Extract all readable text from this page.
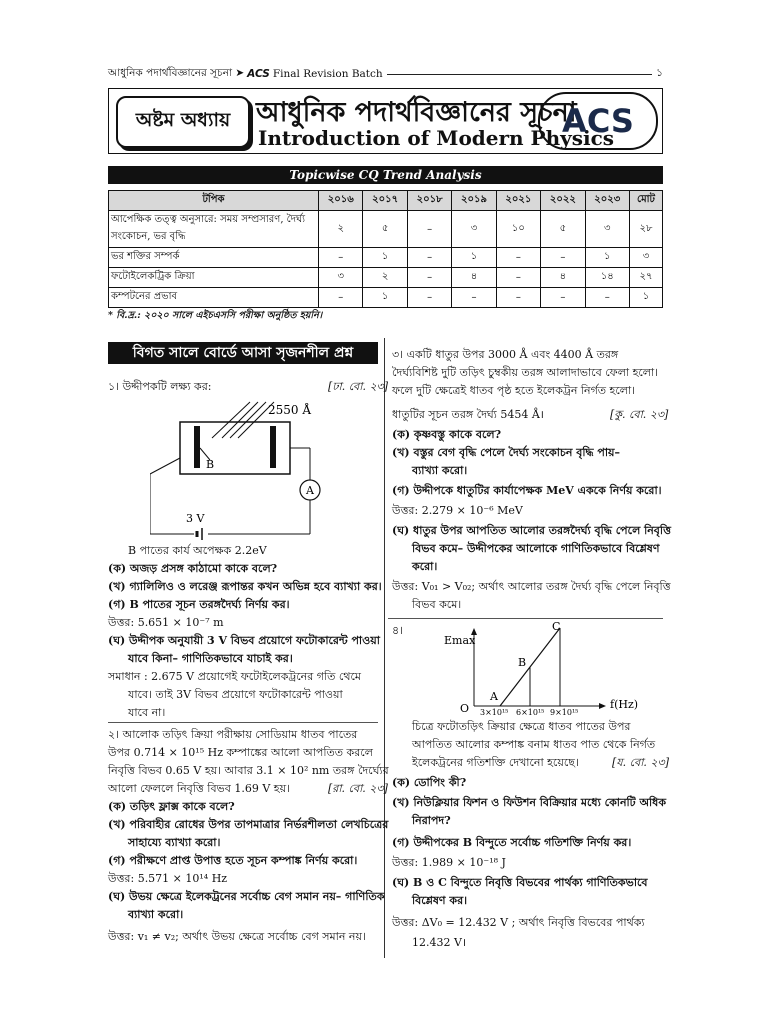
আধুনিক পদার্থবিজ্ঞানের সূচনা ➤ ACS Final Revision Batch	১
অষ্টম অধ্যায় আধুনিক পদার্থবিজ্ঞানের সূচনা
Introduction of Modern Physics
ACS
Topicwise CQ Trend Analysis
টপিক	২০১৬	২০১৭	২০১৮	২০১৯	২০২১	২০২২	২০২৩	মোট
আপেক্ষিক তত্ত্ব অনুসারে: সময় সম্প্রসারণ, দৈর্ঘ্য সংকোচন, ভর বৃদ্ধি	২	৫	–	৩	১০	৫	৩	২৮
ভর শক্তির সম্পর্ক	–	১	–	১	–	–	১	৩
ফটোইলেকট্রিক ক্রিয়া	৩	২	–	৪	–	৪	১৪	২৭
কম্পটনের প্রভাব	–	১	–	–	–	–	–	১
* বি.দ্র.: ২০২০ সালে এইচএসসি পরীক্ষা অনুষ্ঠিত হয়নি।
বিগত সালে বোর্ডে আসা সৃজনশীল প্রশ্ন
১। উদ্দীপকটি লক্ষ্য কর:	[ঢা. বো. ২৩]
2550 Å
B
A
3 V
B পাতের কার্য অপেক্ষক 2.2eV
(ক) অজড় প্রসঙ্গ কাঠামো কাকে বলে?
(খ) গ্যালিলিও ও লরেঞ্জ রূপান্তর কখন অভিন্ন হবে ব্যাখ্যা কর।
(গ) B পাতের সূচন তরঙ্গদৈর্ঘ্য নির্ণয় কর।
উত্তর: 5.651 × 10⁻⁷ m
(ঘ) উদ্দীপক অনুযায়ী 3 V বিভব প্রয়োগে ফটোকারেন্ট পাওয়া
যাবে কিনা– গাণিতিকভাবে যাচাই কর।
সমাধান : 2.675 V প্রয়োগেই ফটোইলেকট্রনের গতি থেমে
যাবে। তাই 3V বিভব প্রয়োগে ফটোকারেন্ট পাওয়া
যাবে না।
২। আলোক তড়িৎ ক্রিয়া পরীক্ষায় সোডিয়াম ধাতব পাতের
উপর 0.714 × 10¹⁵ Hz কম্পাঙ্কের আলো আপতিত করলে
নিবৃত্তি বিভব 0.65 V হয়। আবার 3.1 × 10² nm তরঙ্গ দৈর্ঘ্যের
আলো ফেললে নিবৃত্তি বিভব 1.69 V হয়।	[রা. বো. ২৩]
(ক) তড়িৎ ফ্লাক্স কাকে বলে?
(খ) পরিবাহীর রোধের উপর তাপমাত্রার নির্ভরশীলতা লেখচিত্রের
সাহায্যে ব্যাখ্যা করো।
(গ) পরীক্ষণে প্রাপ্ত উপাত্ত হতে সূচন কম্পাঙ্ক নির্ণয় করো।
উত্তর: 5.571 × 10¹⁴ Hz
(ঘ) উভয় ক্ষেত্রে ইলেকট্রনের সর্বোচ্চ বেগ সমান নয়– গাণিতিক
ব্যাখ্যা করো।
উত্তর: v₁ ≠ v₂; অর্থাৎ উভয় ক্ষেত্রে সর্বোচ্চ বেগ সমান নয়।
৩। একটি ধাতুর উপর 3000 Å এবং 4400 Å তরঙ্গ
দৈর্ঘ্যবিশিষ্ট দুটি তড়িৎ চুম্বকীয় তরঙ্গ আলাদাভাবে ফেলা হলো।
ফলে দুটি ক্ষেত্রেই ধাতব পৃষ্ঠ হতে ইলেকট্রন নির্গত হলো।
ধাতুটির সূচন তরঙ্গ দৈর্ঘ্য 5454 Å।	[কু. বো. ২৩]
(ক) কৃষ্ণবস্তু কাকে বলে?
(খ) বস্তুর বেগ বৃদ্ধি পেলে দৈর্ঘ্য সংকোচন বৃদ্ধি পায়–
ব্যাখ্যা করো।
(গ) উদ্দীপকে ধাতুটির কার্যাপেক্ষক MeV এককে নির্ণয় করো।
উত্তর: 2.279 × 10⁻⁶ MeV
(ঘ) ধাতুর উপর আপতিত আলোর তরঙ্গদৈর্ঘ্য বৃদ্ধি পেলে নিবৃত্তি
বিভব কমে– উদ্দীপকের আলোকে গাণিতিকভাবে বিশ্লেষণ
করো।
উত্তর: V₀₁ > V₀₂; অর্থাৎ আলোর তরঙ্গ দৈর্ঘ্য বৃদ্ধি পেলে নিবৃত্তি
বিভব কমে।
৪।
Emax
f(Hz)
O
A
B
C
3×10¹⁵ 6×10¹⁵ 9×10¹⁵
চিত্রে ফটোতড়িৎ ক্রিয়ার ক্ষেত্রে ধাতব পাতের উপর
আপতিত আলোর কম্পাঙ্ক বনাম ধাতব পাত থেকে নির্গত
ইলেকট্রনের গতিশক্তি দেখানো হয়েছে।	[য. বো. ২৩]
(ক) ডোপিং কী?
(খ) নিউক্লিয়ার ফিশন ও ফিউশন বিক্রিয়ার মধ্যে কোনটি অধিক
নিরাপদ?
(গ) উদ্দীপকের B বিন্দুতে সর্বোচ্চ গতিশক্তি নির্ণয় কর।
উত্তর: 1.989 × 10⁻¹⁸ J
(ঘ) B ও C বিন্দুতে নিবৃত্তি বিভবের পার্থক্য গাণিতিকভাবে
বিশ্লেষণ কর।
উত্তর: ΔV₀ = 12.432 V ; অর্থাৎ নিবৃত্তি বিভবের পার্থক্য
12.432 V।
